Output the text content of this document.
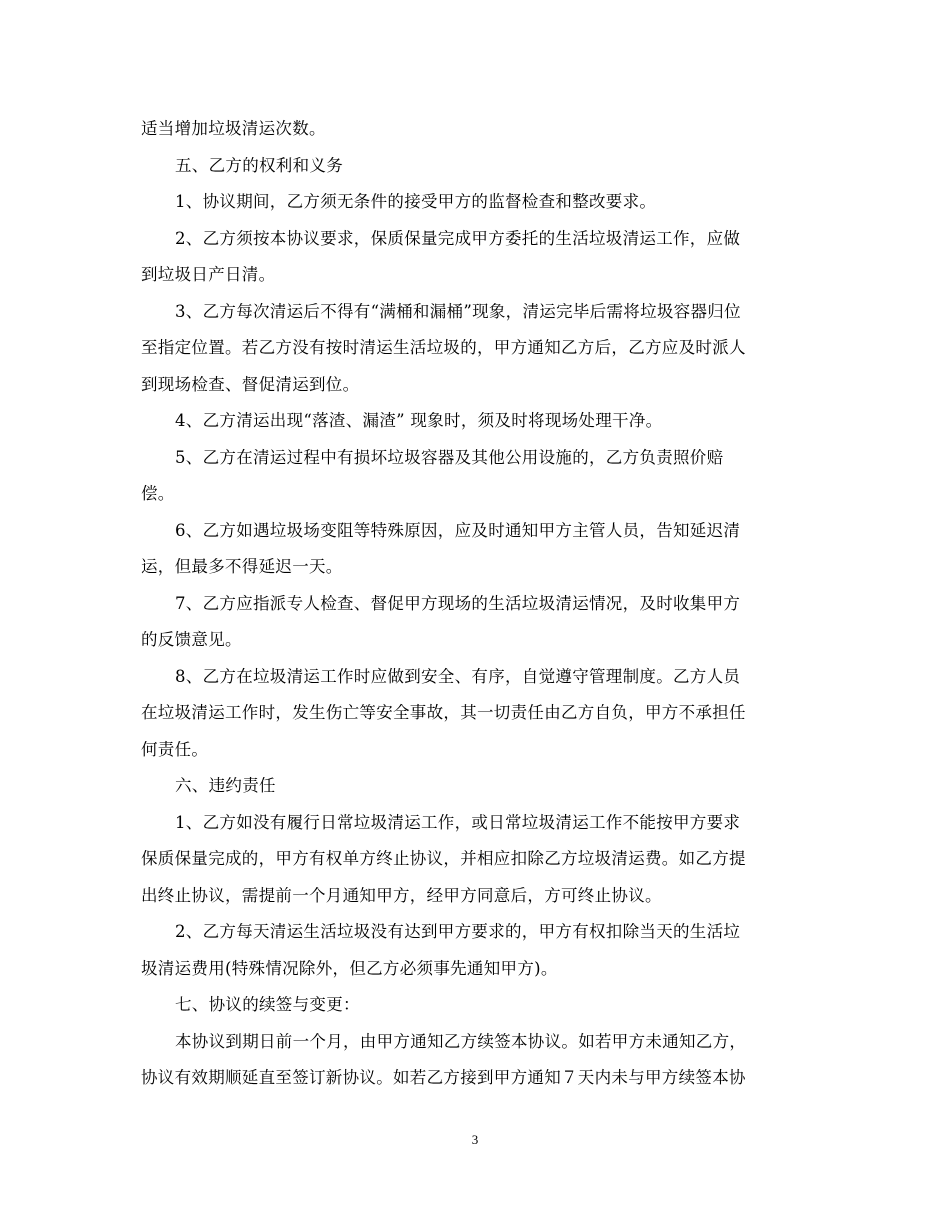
适当增加垃圾清运次数。
五、乙方的权利和义务
1、协议期间，乙方须无条件的接受甲方的监督检查和整改要求。
2、乙方须按本协议要求，保质保量完成甲方委托的生活垃圾清运工作，应做
到垃圾日产日清。
3、乙方每次清运后不得有“满桶和漏桶”现象，清运完毕后需将垃圾容器归位
至指定位置。若乙方没有按时清运生活垃圾的，甲方通知乙方后，乙方应及时派人
到现场检查、督促清运到位。
4、乙方清运出现“落渣、漏渣” 现象时，须及时将现场处理干净。
5、乙方在清运过程中有损坏垃圾容器及其他公用设施的，乙方负责照价赔
偿。
6、乙方如遇垃圾场变阻等特殊原因，应及时通知甲方主管人员，告知延迟清
运，但最多不得延迟一天。
7、乙方应指派专人检查、督促甲方现场的生活垃圾清运情况，及时收集甲方
的反馈意见。
8、乙方在垃圾清运工作时应做到安全、有序，自觉遵守管理制度。乙方人员
在垃圾清运工作时，发生伤亡等安全事故，其一切责任由乙方自负，甲方不承担任
何责任。
六、违约责任
1、乙方如没有履行日常垃圾清运工作，或日常垃圾清运工作不能按甲方要求
保质保量完成的，甲方有权单方终止协议，并相应扣除乙方垃圾清运费。如乙方提
出终止协议，需提前一个月通知甲方，经甲方同意后，方可终止协议。
2、乙方每天清运生活垃圾没有达到甲方要求的，甲方有权扣除当天的生活垃
圾清运费用(特殊情况除外，但乙方必须事先通知甲方)。
七、协议的续签与变更：
本协议到期日前一个月，由甲方通知乙方续签本协议。如若甲方未通知乙方，
协议有效期顺延直至签订新协议。如若乙方接到甲方通知７天内未与甲方续签本协
3
